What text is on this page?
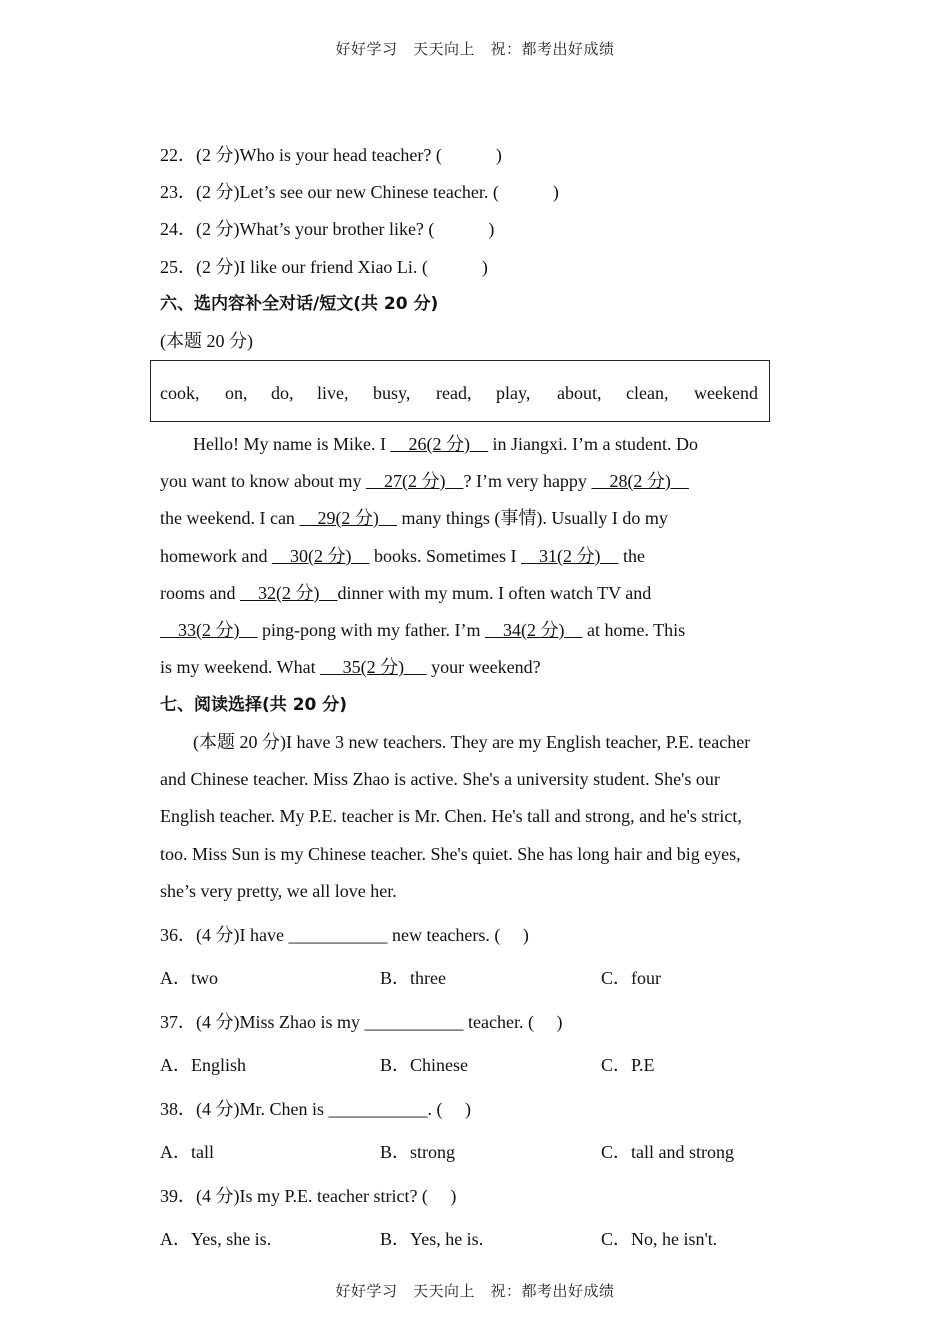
好好学习　天天向上　祝：都考出好成绩
22．(2 分)Who is your head teacher? (　　　)
23．(2 分)Let’s see our new Chinese teacher. (　　　)
24．(2 分)What’s your brother like? (　　　)
25．(2 分)I like our friend Xiao Li. (　　　)
六、选内容补全对话/短文(共 20 分)
(本题 20 分)
cook, on, do, live, busy, read, play, about, clean, weekend
Hello! My name is Mike. I     26(2 分)     in Jiangxi. I’m a student. Do
you want to know about my     27(2 分)    ? I’m very happy     28(2 分)
the weekend. I can     29(2 分)     many things (事情). Usually I do my
homework and     30(2 分)     books. Sometimes I     31(2 分)     the
rooms and     32(2 分)    dinner with my mum. I often watch TV and
33(2 分)     ping-pong with my father. I’m     34(2 分)     at home. This
is my weekend. What      35(2 分)      your weekend?
七、阅读选择(共 20 分)
(本题 20 分)I have 3 new teachers. They are my English teacher, P.E. teacher
and Chinese teacher. Miss Zhao is active. She's a university student. She's our
English teacher. My P.E. teacher is Mr. Chen. He's tall and strong, and he's strict,
too. Miss Sun is my Chinese teacher. She's quiet. She has long hair and big eyes,
she’s very pretty, we all love her.
36．(4 分)I have ___________ new teachers. (　 )
A．two	B．three	C．four
37．(4 分)Miss Zhao is my ___________ teacher. (　 )
A．English	B．Chinese	C．P.E
38．(4 分)Mr. Chen is ___________. (　 )
A．tall	B．strong	C．tall and strong
39．(4 分)Is my P.E. teacher strict? (　 )
A．Yes, she is.	B．Yes, he is.	C．No, he isn't.
好好学习　天天向上　祝：都考出好成绩
